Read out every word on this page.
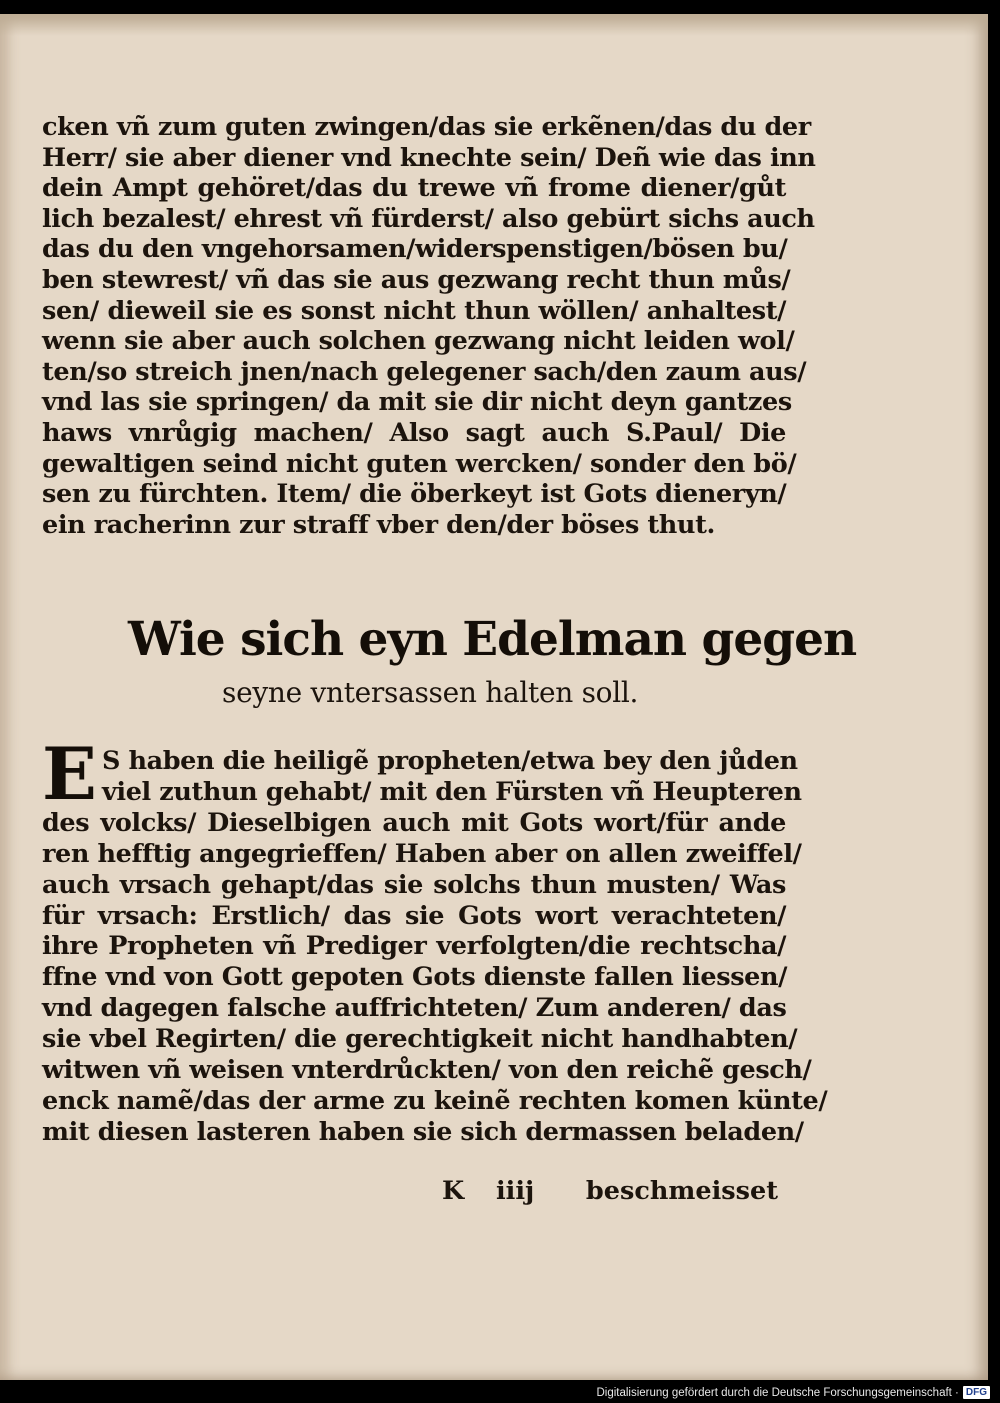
cken vñ zum guten zwingen/das sie erkẽnen/das du der
Herr/ sie aber diener vnd knechte sein/ Deñ wie das inn
dein Ampt gehöret/das du trewe vñ frome diener/gůt
lich bezalest/ ehrest vñ fürderst/ also gebürt sichs auch
das du den vngehorsamen/widerspenstigen/bösen bu/
ben stewrest/ vñ das sie aus gezwang recht thun můs/
sen/ dieweil sie es sonst nicht thun wöllen/ anhaltest/
wenn sie aber auch solchen gezwang nicht leiden wol/
ten/so streich jnen/nach gelegener sach/den zaum aus/
vnd las sie springen/ da mit sie dir nicht deyn gantzes
haws vnrůgig machen/ Also sagt auch S.Paul/ Die
gewaltigen seind nicht guten wercken/ sonder den bö/
sen zu fürchten. Item/ die öberkeyt ist Gots dieneryn/
ein racherinn zur straff vber den/der böses thut.
Wie sich eyn Edelman gegen
seyne vntersassen halten soll.
E S haben die heiligẽ propheten/etwa bey den jůden
viel zuthun gehabt/ mit den Fürsten vñ Heupteren
des volcks/ Dieselbigen auch mit Gots wort/für ande
ren hefftig angegrieffen/ Haben aber on allen zweiffel/
auch vrsach gehapt/das sie solchs thun musten/ Was
für vrsach: Erstlich/ das sie Gots wort verachteten/
ihre Propheten vñ Prediger verfolgten/die rechtscha/
ffne vnd von Gott gepoten Gots dienste fallen liessen/
vnd dagegen falsche auffrichteten/ Zum anderen/ das
sie vbel Regirten/ die gerechtigkeit nicht handhabten/
witwen vñ weisen vnterdrůckten/ von den reichẽ gesch/
enck namẽ/das der arme zu keinẽ rechten komen künte/
mit diesen lasteren haben sie sich dermassen beladen/
K iiij beschmeisset
Digitalisierung gefördert durch die Deutsche Forschungsgemeinschaft · DFG
